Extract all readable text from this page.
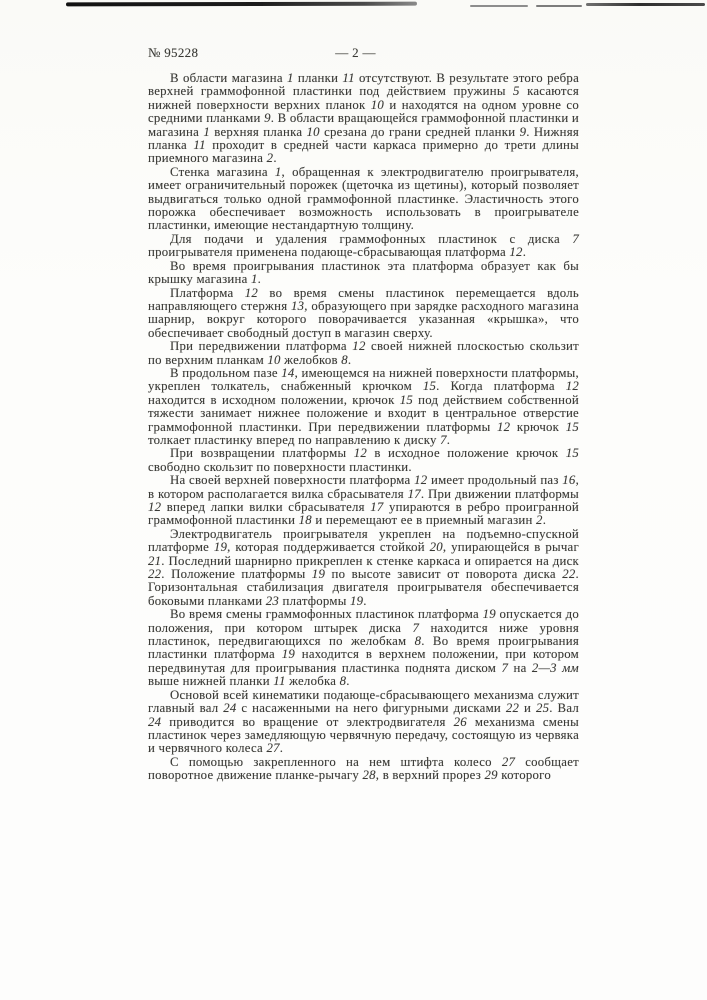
№ 95228	— 2 —

В области магазина 1 планки 11 отсутствуют. В результате этого ребра верхней граммофонной пластинки под действием пружины 5 касаются нижней поверхности верхних планок 10 и находятся на одном уровне со средними планками 9. В области вращающейся граммофонной пластинки и магазина 1 верхняя планка 10 срезана до грани средней планки 9. Нижняя планка 11 проходит в средней части каркаса примерно до трети длины приемного магазина 2.

Стенка магазина 1, обращенная к электродвигателю проигрывателя, имеет ограничительный порожек (щеточка из щетины), который позволяет выдвигаться только одной граммофонной пластинке. Эластичность этого порожка обеспечивает возможность использовать в проигрывателе пластинки, имеющие нестандартную толщину.

Для подачи и удаления граммофонных пластинок с диска 7 проигрывателя применена подающе-сбрасывающая платформа 12.

Во время проигрывания пластинок эта платформа образует как бы крышку магазина 1.

Платформа 12 во время смены пластинок перемещается вдоль направляющего стержня 13, образующего при зарядке расходного магазина шарнир, вокруг которого поворачивается указанная «крышка», что обеспечивает свободный доступ в магазин сверху.

При передвижении платформа 12 своей нижней плоскостью скользит по верхним планкам 10 желобков 8.

В продольном пазе 14, имеющемся на нижней поверхности платформы, укреплен толкатель, снабженный крючком 15. Когда платформа 12 находится в исходном положении, крючок 15 под действием собственной тяжести занимает нижнее положение и входит в центральное отверстие граммофонной пластинки. При передвижении платформы 12 крючок 15 толкает пластинку вперед по направлению к диску 7.

При возвращении платформы 12 в исходное положение крючок 15 свободно скользит по поверхности пластинки.

На своей верхней поверхности платформа 12 имеет продольный паз 16, в котором располагается вилка сбрасывателя 17. При движении платформы 12 вперед лапки вилки сбрасывателя 17 упираются в ребро проигранной граммофонной пластинки 18 и перемещают ее в приемный магазин 2.

Электродвигатель проигрывателя укреплен на подъемно-спускной платформе 19, которая поддерживается стойкой 20, упирающейся в рычаг 21. Последний шарнирно прикреплен к стенке каркаса и опирается на диск 22. Положение платформы 19 по высоте зависит от поворота диска 22. Горизонтальная стабилизация двигателя проигрывателя обеспечивается боковыми планками 23 платформы 19.

Во время смены граммофонных пластинок платформа 19 опускается до положения, при котором штырек диска 7 находится ниже уровня пластинок, передвигающихся по желобкам 8. Во время проигрывания пластинки платформа 19 находится в верхнем положении, при котором передвинутая для проигрывания пластинка поднята диском 7 на 2—3 мм выше нижней планки 11 желобка 8.

Основой всей кинематики подающе-сбрасывающего механизма служит главный вал 24 с насаженными на него фигурными дисками 22 и 25. Вал 24 приводится во вращение от электродвигателя 26 механизма смены пластинок через замедляющую червячную передачу, состоящую из червяка и червячного колеса 27.

С помощью закрепленного на нем штифта колесо 27 сообщает поворотное движение планке-рычагу 28, в верхний прорез 29 которого
